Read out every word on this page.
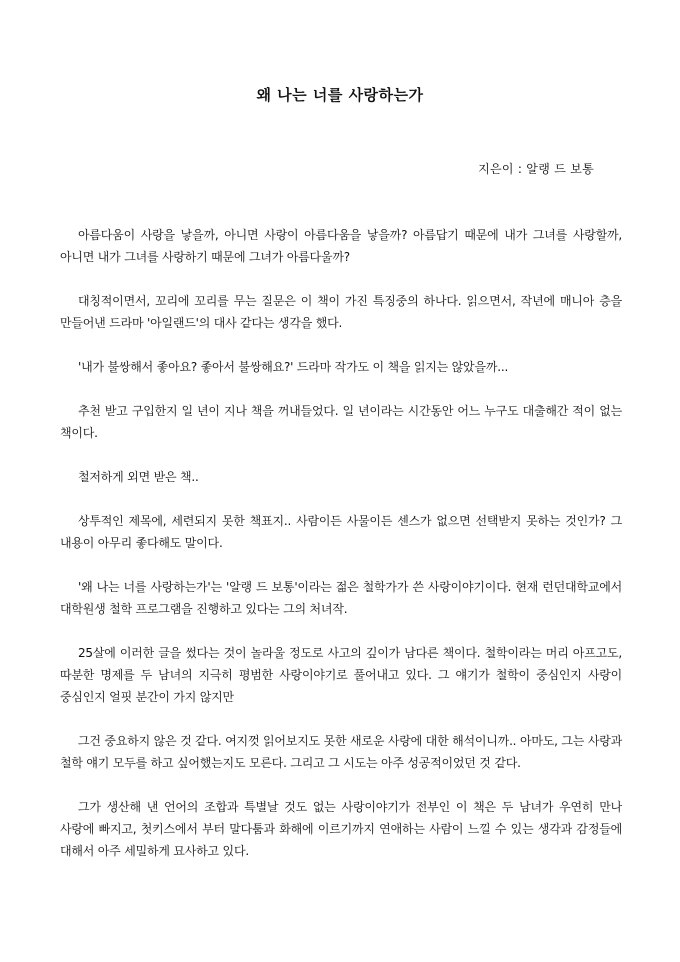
왜 나는 너를 사랑하는가
지은이 : 알랭 드 보통

아름다움이 사랑을 낳을까, 아니면 사랑이 아름다움을 낳을까? 아름답기 때문에 내가 그녀를 사랑할까, 아니면 내가 그녀를 사랑하기 때문에 그녀가 아름다울까?

대칭적이면서, 꼬리에 꼬리를 무는 질문은 이 책이 가진 특징중의 하나다. 읽으면서, 작년에 매니아 층을 만들어낸 드라마 '아일랜드'의 대사 같다는 생각을 했다.

'내가 불쌍해서 좋아요? 좋아서 불쌍해요?' 드라마 작가도 이 책을 읽지는 않았을까...

추천 받고 구입한지 일 년이 지나 책을 꺼내들었다. 일 년이라는 시간동안 어느 누구도 대출해간 적이 없는 책이다.

철저하게 외면 받은 책..

상투적인 제목에, 세련되지 못한 책표지.. 사람이든 사물이든 센스가 없으면 선택받지 못하는 것인가? 그 내용이 아무리 좋다해도 말이다.

'왜 나는 너를 사랑하는가'는 '알랭 드 보통'이라는 젊은 철학가가 쓴 사랑이야기이다. 현재 런던대학교에서 대학원생 철학 프로그램을 진행하고 있다는 그의 처녀작.

25살에 이러한 글을 썼다는 것이 놀라울 정도로 사고의 깊이가 남다른 책이다. 철학이라는 머리 아프고도, 따분한 명제를 두 남녀의 지극히 평범한 사랑이야기로 풀어내고 있다. 그 얘기가 철학이 중심인지 사랑이 중심인지 얼핏 분간이 가지 않지만

그건 중요하지 않은 것 같다. 여지껏 읽어보지도 못한 새로운 사랑에 대한 해석이니까.. 아마도, 그는 사랑과 철학 얘기 모두를 하고 싶어했는지도 모른다. 그리고 그 시도는 아주 성공적이었던 것 같다.

그가 생산해 낸 언어의 조합과 특별날 것도 없는 사랑이야기가 전부인 이 책은 두 남녀가 우연히 만나 사랑에 빠지고, 첫키스에서 부터 말다툼과 화해에 이르기까지 연애하는 사람이 느낄 수 있는 생각과 감정들에 대해서 아주 세밀하게 묘사하고 있다.
